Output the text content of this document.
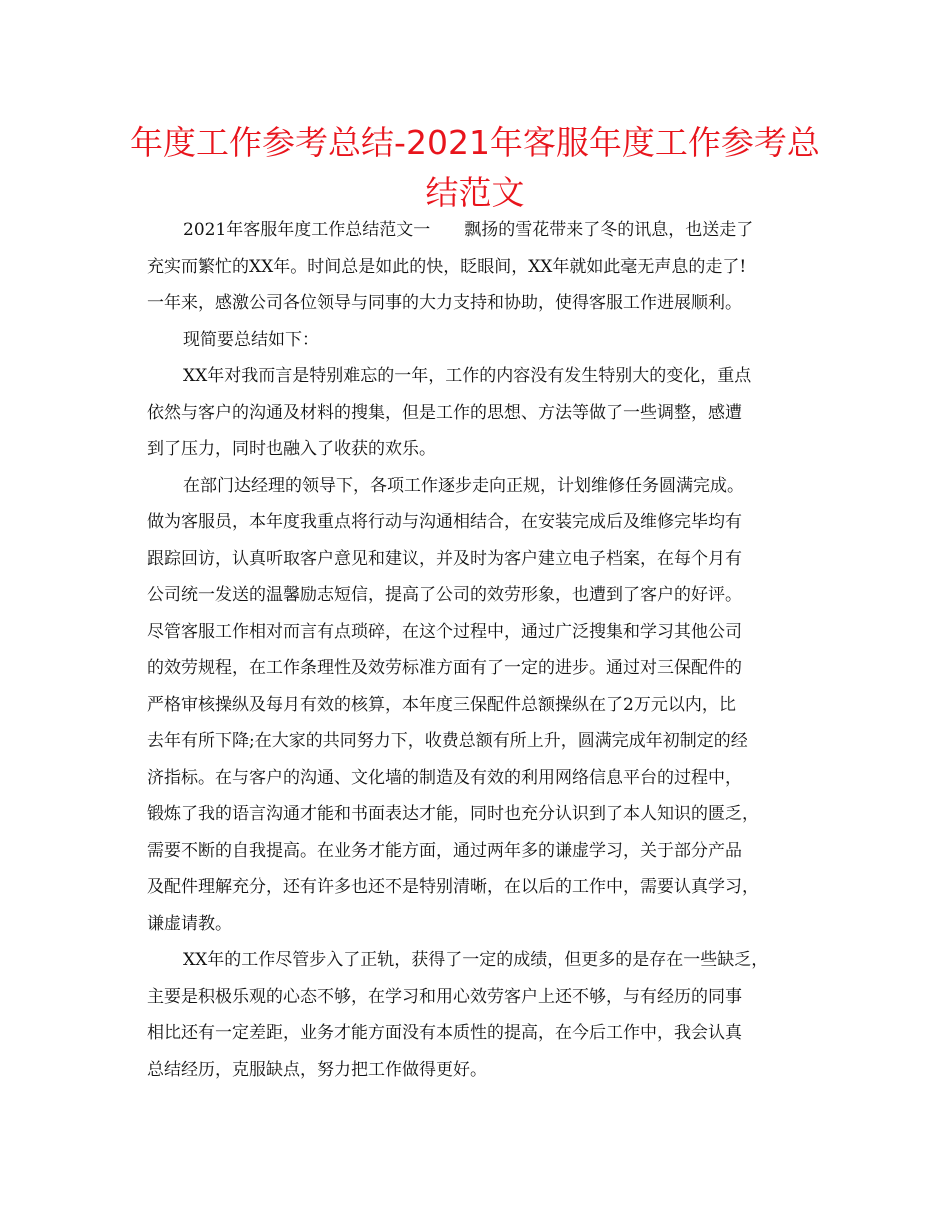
年度工作参考总结-2021年客服年度工作参考总
结范文

2021年客服年度工作总结范文一　　飘扬的雪花带来了冬的讯息，也送走了
充实而繁忙的XX年。时间总是如此的快，眨眼间，XX年就如此毫无声息的走了!
一年来，感激公司各位领导与同事的大力支持和协助，使得客服工作进展顺利。

现简要总结如下：

XX年对我而言是特别难忘的一年，工作的内容没有发生特别大的变化，重点
依然与客户的沟通及材料的搜集，但是工作的思想、方法等做了一些调整，感遭
到了压力，同时也融入了收获的欢乐。

在部门达经理的领导下，各项工作逐步走向正规，计划维修任务圆满完成。
做为客服员，本年度我重点将行动与沟通相结合，在安装完成后及维修完毕均有
跟踪回访，认真听取客户意见和建议，并及时为客户建立电子档案，在每个月有
公司统一发送的温馨励志短信，提高了公司的效劳形象，也遭到了客户的好评。
尽管客服工作相对而言有点琐碎，在这个过程中，通过广泛搜集和学习其他公司
的效劳规程，在工作条理性及效劳标准方面有了一定的进步。通过对三保配件的
严格审核操纵及每月有效的核算，本年度三保配件总额操纵在了2万元以内，比
去年有所下降;在大家的共同努力下，收费总额有所上升，圆满完成年初制定的经
济指标。在与客户的沟通、文化墙的制造及有效的利用网络信息平台的过程中，
锻炼了我的语言沟通才能和书面表达才能，同时也充分认识到了本人知识的匮乏，
需要不断的自我提高。在业务才能方面，通过两年多的谦虚学习，关于部分产品
及配件理解充分，还有许多也还不是特别清晰，在以后的工作中，需要认真学习，
谦虚请教。

XX年的工作尽管步入了正轨，获得了一定的成绩，但更多的是存在一些缺乏，
主要是积极乐观的心态不够，在学习和用心效劳客户上还不够，与有经历的同事
相比还有一定差距，业务才能方面没有本质性的提高，在今后工作中，我会认真
总结经历，克服缺点，努力把工作做得更好。
